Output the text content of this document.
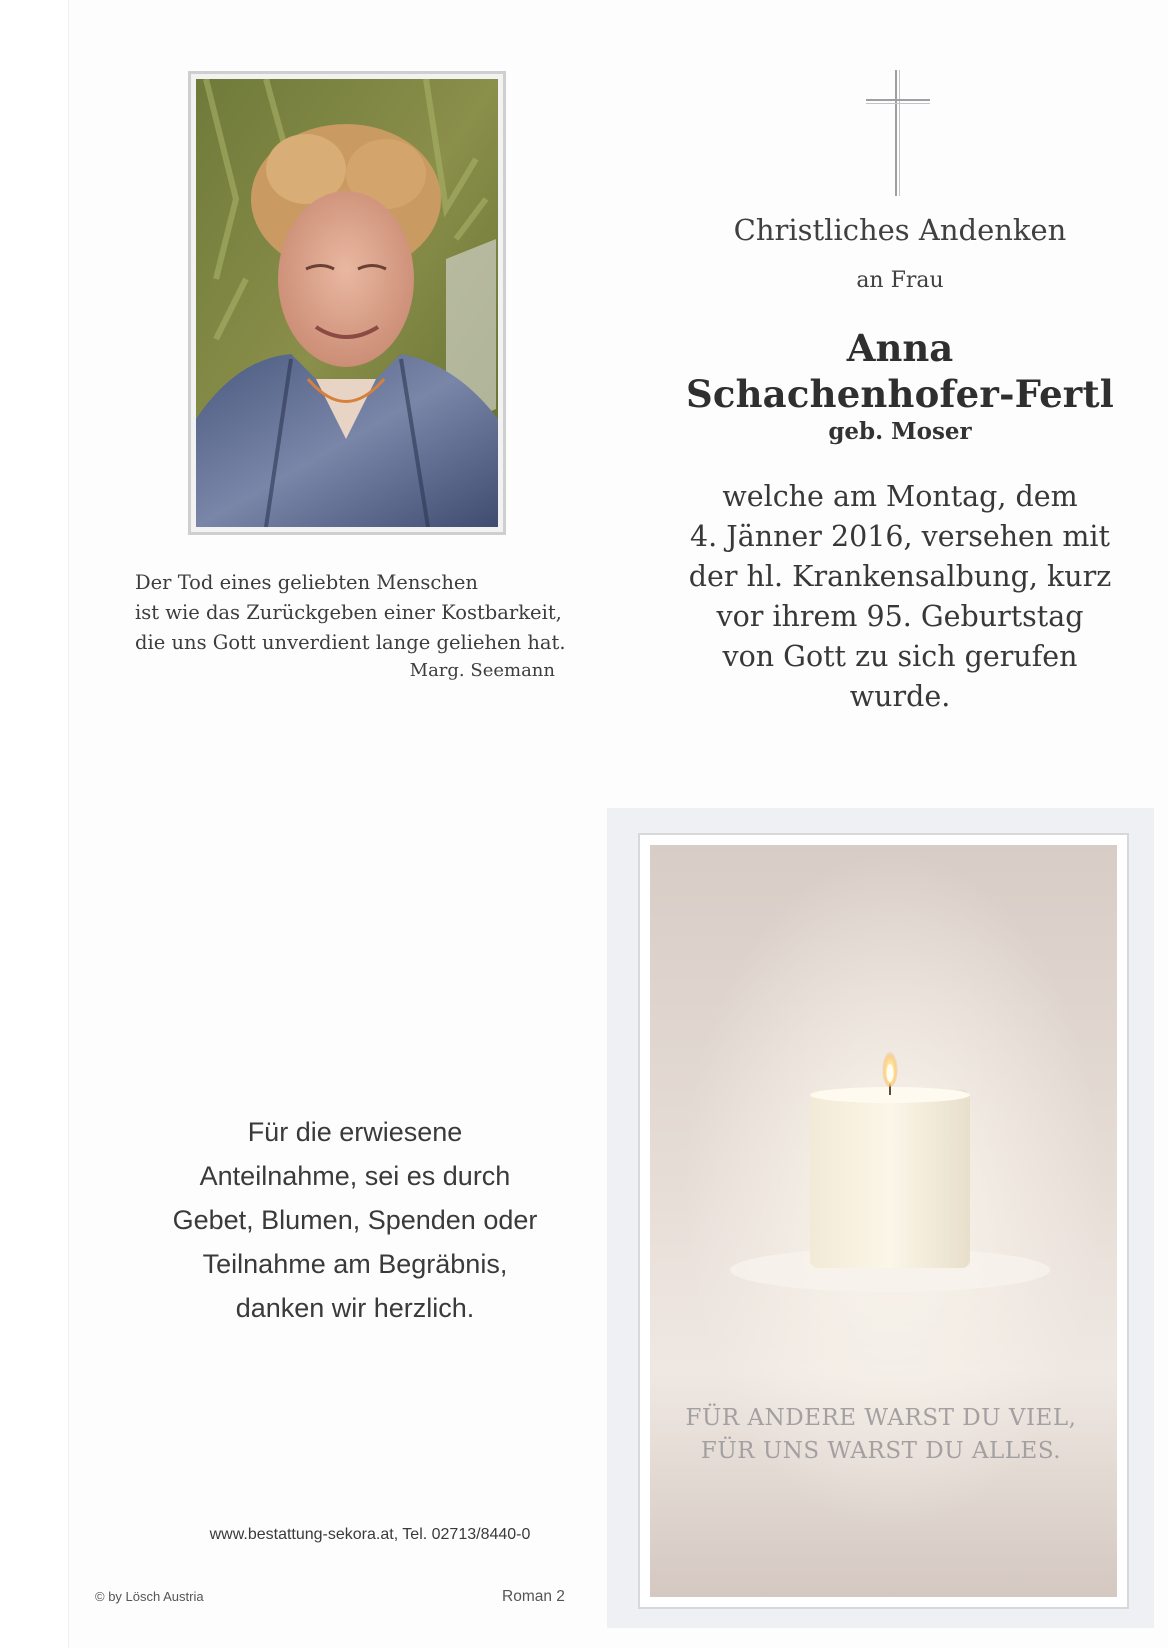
Der Tod eines geliebten Menschen
ist wie das Zurückgeben einer Kostbarkeit,
die uns Gott unverdient lange geliehen hat.
Marg. Seemann
Christliches Andenken
an Frau
Anna
Schachenhofer-Fertl
geb. Moser
welche am Montag, dem
4. Jänner 2016, versehen mit
der hl. Krankensalbung, kurz
vor ihrem 95. Geburtstag
von Gott zu sich gerufen
wurde.
Für die erwiesene
Anteilnahme, sei es durch
Gebet, Blumen, Spenden oder
Teilnahme am Begräbnis,
danken wir herzlich.
www.bestattung-sekora.at, Tel. 02713/8440-0
© by Lösch Austria	Roman 2
FÜR ANDERE WARST DU VIEL,
FÜR UNS WARST DU ALLES.
